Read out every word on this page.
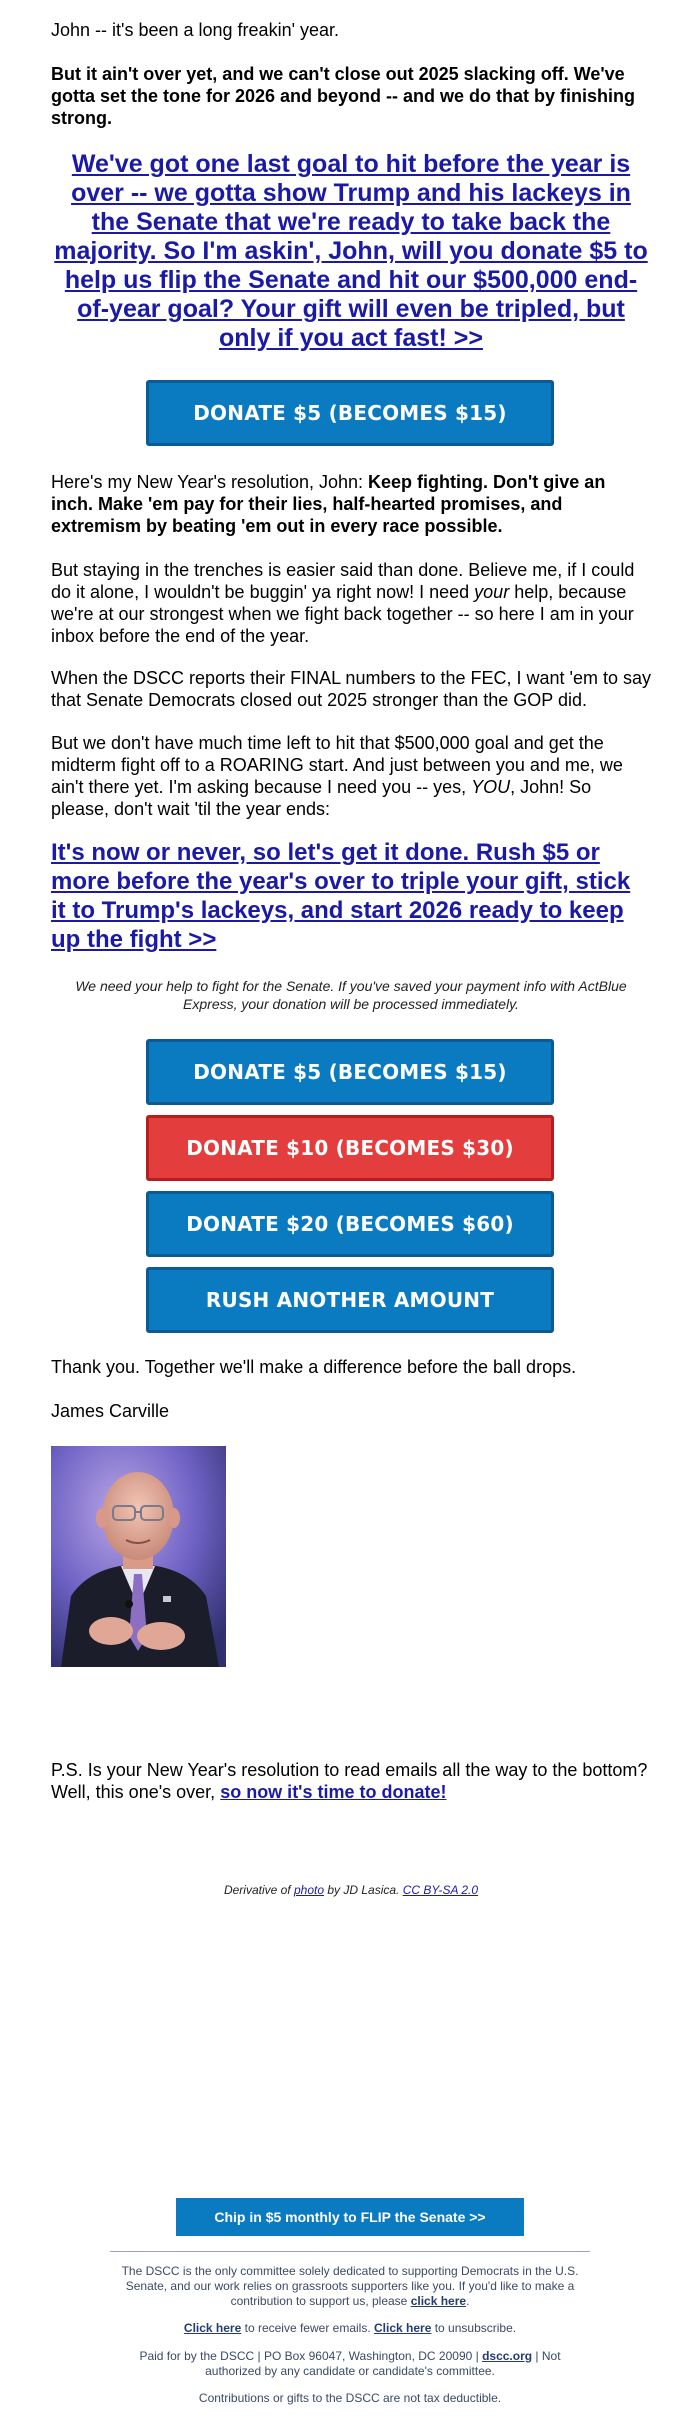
John -- it's been a long freakin' year.

But it ain't over yet, and we can't close out 2025 slacking off. We've gotta set the tone for 2026 and beyond -- and we do that by finishing strong.

We've got one last goal to hit before the year is over -- we gotta show Trump and his lackeys in the Senate that we're ready to take back the majority. So I'm askin', John, will you donate $5 to help us flip the Senate and hit our $500,000 end-of-year goal? Your gift will even be tripled, but only if you act fast! >>
DONATE $5 (BECOMES $15)

Here's my New Year's resolution, John: Keep fighting. Don't give an inch. Make 'em pay for their lies, half-hearted promises, and extremism by beating 'em out in every race possible.

But staying in the trenches is easier said than done. Believe me, if I could do it alone, I wouldn't be buggin' ya right now! I need your help, because we're at our strongest when we fight back together -- so here I am in your inbox before the end of the year.

When the DSCC reports their FINAL numbers to the FEC, I want 'em to say that Senate Democrats closed out 2025 stronger than the GOP did.

But we don't have much time left to hit that $500,000 goal and get the midterm fight off to a ROARING start. And just between you and me, we ain't there yet. I'm asking because I need you -- yes, YOU, John! So please, don't wait 'til the year ends:

It's now or never, so let's get it done. Rush $5 or more before the year's over to triple your gift, stick it to Trump's lackeys, and start 2026 ready to keep up the fight >>

We need your help to fight for the Senate. If you've saved your payment info with ActBlue Express, your donation will be processed immediately.

DONATE $5 (BECOMES $15)
DONATE $10 (BECOMES $30)
DONATE $20 (BECOMES $60)
RUSH ANOTHER AMOUNT

Thank you. Together we'll make a difference before the ball drops.

James Carville

P.S. Is your New Year's resolution to read emails all the way to the bottom? Well, this one's over, so now it's time to donate!

Derivative of photo by JD Lasica. CC BY-SA 2.0

Chip in $5 monthly to FLIP the Senate >>

The DSCC is the only committee solely dedicated to supporting Democrats in the U.S. Senate, and our work relies on grassroots supporters like you. If you'd like to make a contribution to support us, please click here.

Click here to receive fewer emails. Click here to unsubscribe.

Paid for by the DSCC | PO Box 96047, Washington, DC 20090 | dscc.org | Not authorized by any candidate or candidate's committee.

Contributions or gifts to the DSCC are not tax deductible.
